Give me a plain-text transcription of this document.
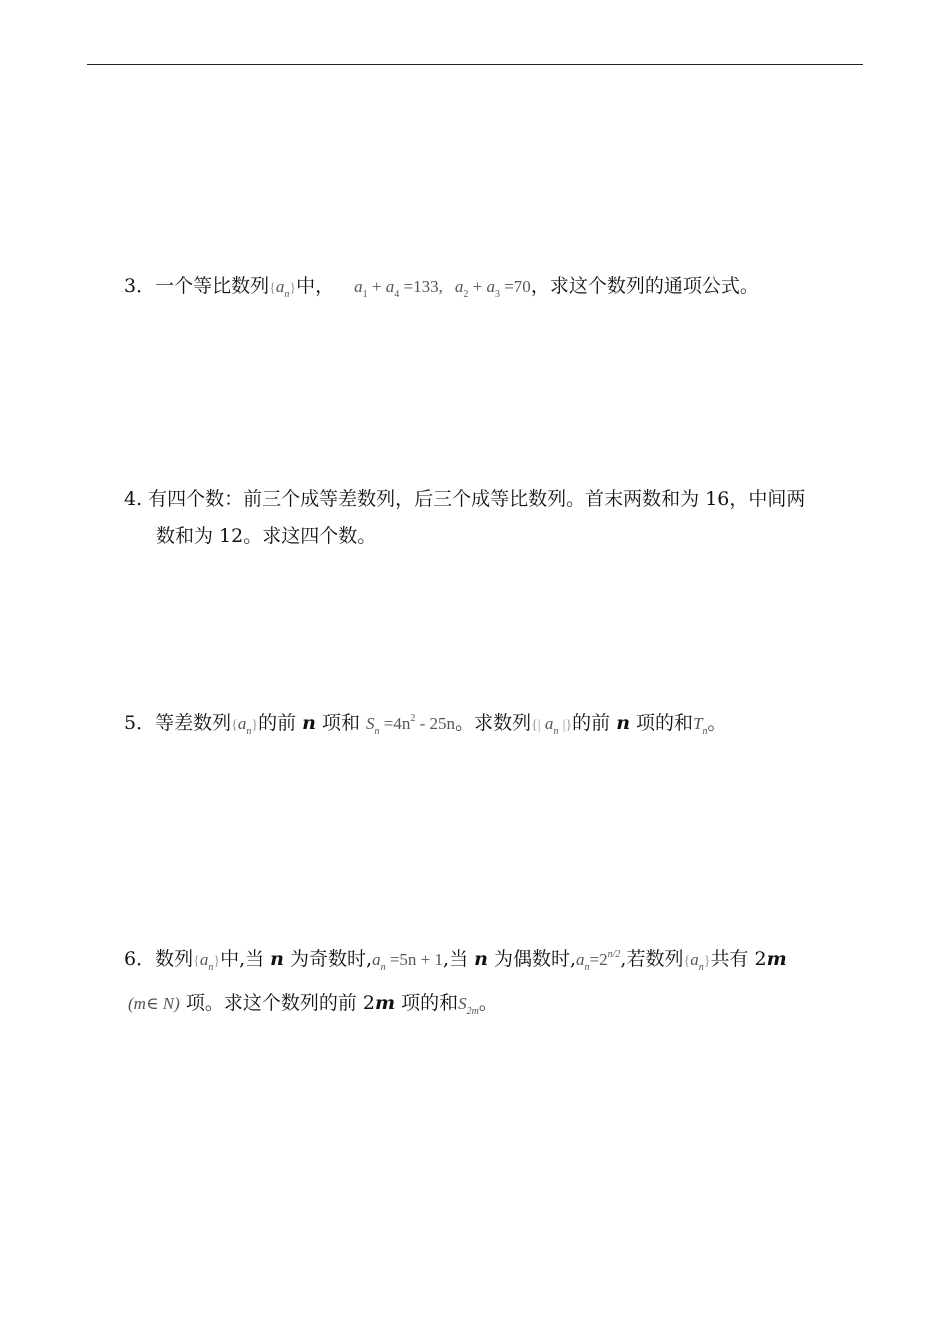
3．一个等比数列$\{a_n\}$中， $a_1 + a_4 =133$, $a_2 + a_3 =70$，求这个数列的通项公式。
4. 有四个数：前三个成等差数列，后三个成等比数列。首末两数和为 16，中间两
数和为 12。求这四个数。
5．等差数列$\{a_n\}$的前 n 项和 $S_n =4n^2 - 25n$。求数列{| $a_n$ |}的前 n 项的和$T_n$。
6．数列$\{a_n\}$中,当 n 为奇数时$,a_n =5n + 1$,当 n 为偶数时$,a_n=2^{n/2}$,若数列$\{a_n\}$共有 2m
(m∈ N) 项。求这个数列的前 2m 项的和$S_{2m}$。
